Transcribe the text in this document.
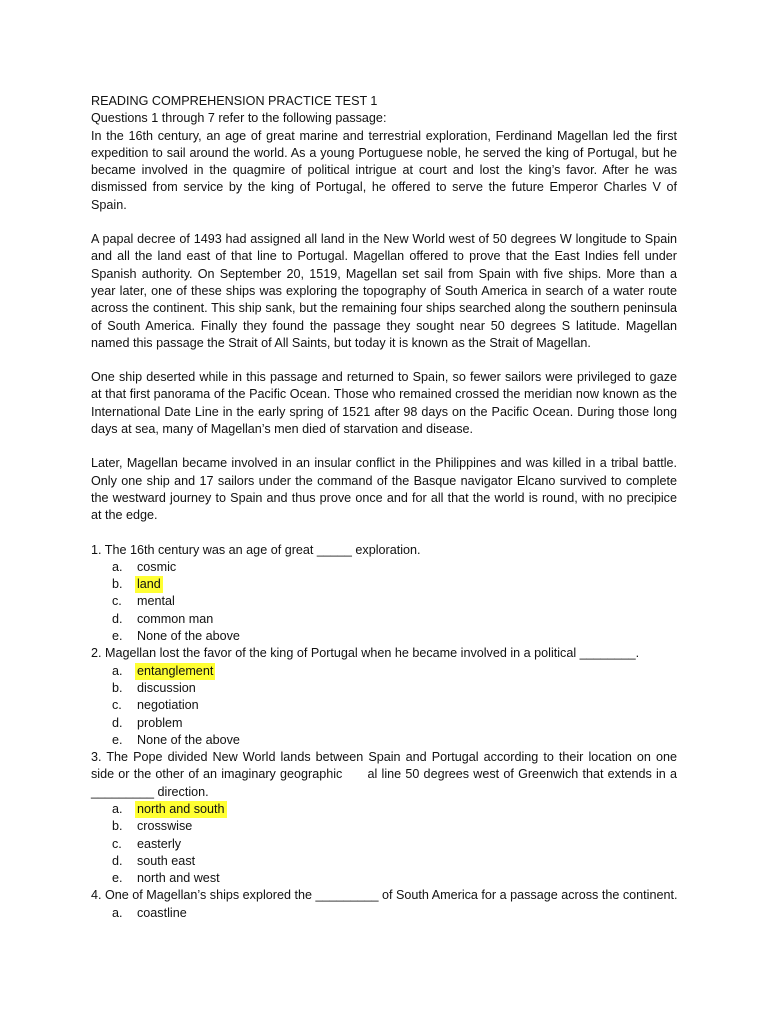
READING COMPREHENSION PRACTICE TEST 1
Questions 1 through 7 refer to the following passage:
In the 16th century, an age of great marine and terrestrial exploration, Ferdinand Magellan led the first expedition to sail around the world. As a young Portuguese noble, he served the king of Portugal, but he became involved in the quagmire of political intrigue at court and lost the king’s favor. After he was dismissed from service by the king of Portugal, he offered to serve the future Emperor Charles V of Spain.
A papal decree of 1493 had assigned all land in the New World west of 50 degrees W longitude to Spain and all the land east of that line to Portugal. Magellan offered to prove that the East Indies fell under Spanish authority. On September 20, 1519, Magellan set sail from Spain with five ships. More than a year later, one of these ships was exploring the topography of South America in search of a water route across the continent. This ship sank, but the remaining four ships searched along the southern peninsula of South America. Finally they found the passage they sought near 50 degrees S latitude. Magellan named this passage the Strait of All Saints, but today it is known as the Strait of Magellan.
One ship deserted while in this passage and returned to Spain, so fewer sailors were privileged to gaze at that first panorama of the Pacific Ocean. Those who remained crossed the meridian now known as the International Date Line in the early spring of 1521 after 98 days on the Pacific Ocean. During those long days at sea, many of Magellan’s men died of starvation and disease.
Later, Magellan became involved in an insular conflict in the Philippines and was killed in a tribal battle. Only one ship and 17 sailors under the command of the Basque navigator Elcano survived to complete the westward journey to Spain and thus prove once and for all that the world is round, with no precipice at the edge.
1. The 16th century was an age of great _____ exploration.
a.	cosmic
b.	land
c.	mental
d.	common man
e.	None of the above
2. Magellan lost the favor of the king of Portugal when he became involved in a political ________.
a.	entanglement
b.	discussion
c.	negotiation
d.	problem
e.	None of the above
3. The Pope divided New World lands between Spain and Portugal according to their location on one side or the other of an imaginary geographic      al line 50 degrees west of Greenwich that extends in a _________ direction.
a.	north and south
b.	crosswise
c.	easterly
d.	south east
e.	north and west
4. One of Magellan’s ships explored the _________ of South America for a passage across the continent.
a.	coastline
